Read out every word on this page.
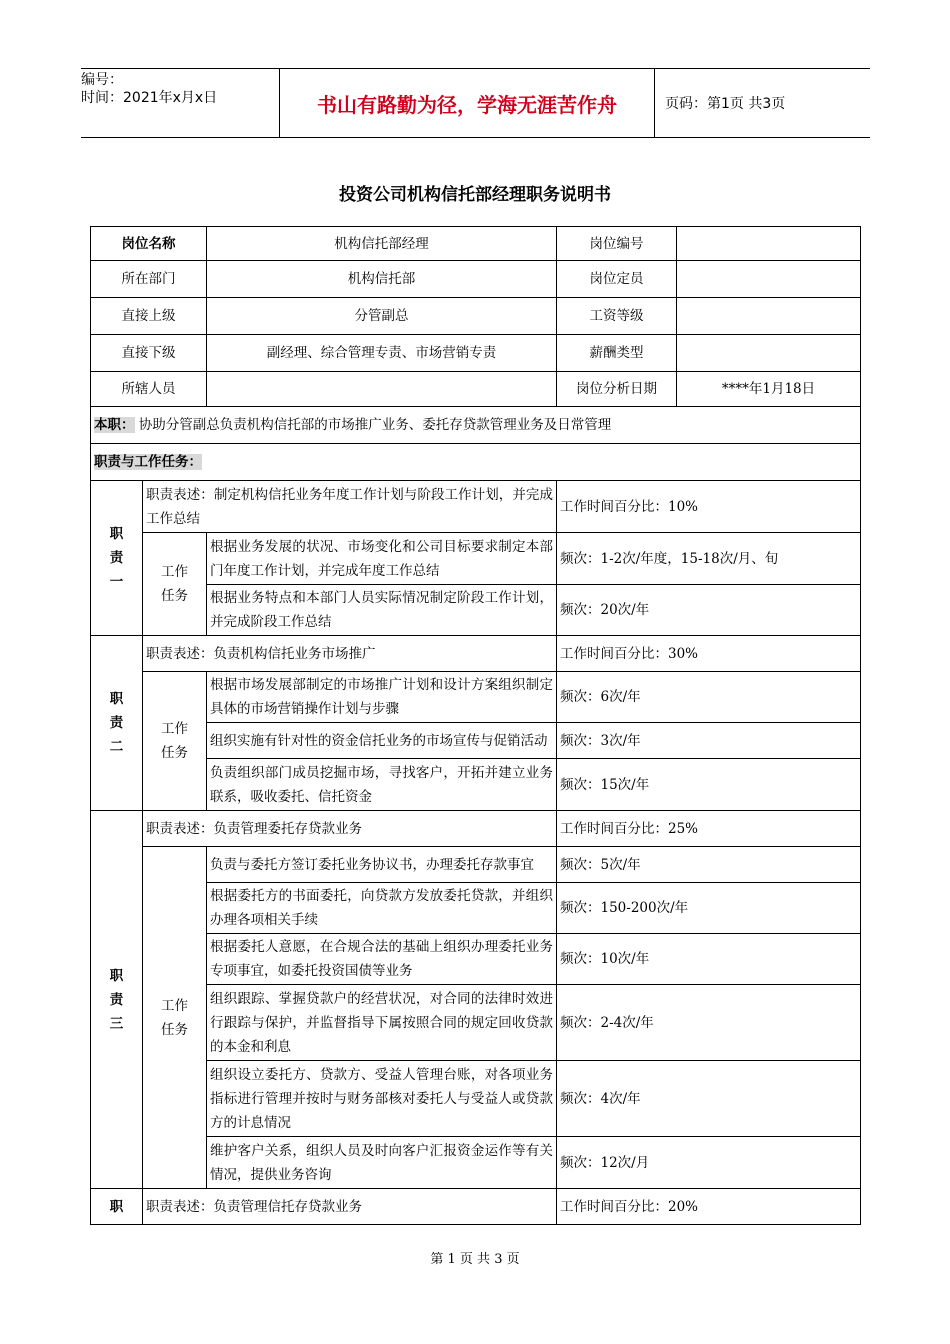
编号：
时间：2021年x月x日	书山有路勤为径，学海无涯苦作舟	页码：第1页 共3页
投资公司机构信托部经理职务说明书
岗位名称		机构信托部经理	岗位编号	
所在部门		机构信托部	岗位定员	
直接上级		分管副总	工资等级	
直接下级		副经理、综合管理专责、市场营销专责	薪酬类型	
所辖人员			岗位分析日期	****年1月18日
本职： 协助分管副总负责机构信托部的市场推广业务、委托存贷款管理业务及日常管理				
职责与工作任务：				

职
责
一	职责表述：制定机构信托业务年度工作计划与阶段工作计划，并完成工作总结		工作时间百分比：10%	

	工作
任务	根据业务发展的状况、市场变化和公司目标要求制定本部门年度工作计划，并完成年度工作总结	频次：1-2次/年度，15-18次/月、旬	
		根据业务特点和本部门人员实际情况制定阶段工作计划，并完成阶段工作总结	频次：20次/年	

职
责
二	职责表述：负责机构信托业务市场推广		工作时间百分比：30%	

	工作
任务	根据市场发展部制定的市场推广计划和设计方案组织制定具体的市场营销操作计划与步骤	频次：6次/年	
		组织实施有针对性的资金信托业务的市场宣传与促销活动	频次：3次/年	
		负责组织部门成员挖掘市场，寻找客户，开拓并建立业务联系，吸收委托、信托资金	频次：15次/年	

职
责
三	职责表述：负责管理委托存贷款业务		工作时间百分比：25%	

	工作
任务	负责与委托方签订委托业务协议书，办理委托存款事宜	频次：5次/年	
		根据委托方的书面委托，向贷款方发放委托贷款，并组织办理各项相关手续	频次：150-200次/年	
		根据委托人意愿，在合规合法的基础上组织办理委托业务专项事宜，如委托投资国债等业务	频次：10次/年	
		组织跟踪、掌握贷款户的经营状况，对合同的法律时效进行跟踪与保护，并监督指导下属按照合同的规定回收贷款的本金和利息	频次：2-4次/年	
		组织设立委托方、贷款方、受益人管理台账，对各项业务指标进行管理并按时与财务部核对委托人与受益人或贷款方的计息情况	频次：4次/年	
		维护客户关系，组织人员及时向客户汇报资金运作等有关情况，提供业务咨询	频次：12次/月	
职	职责表述：负责管理信托存贷款业务		工作时间百分比：20%	
第 1 页 共 3 页
